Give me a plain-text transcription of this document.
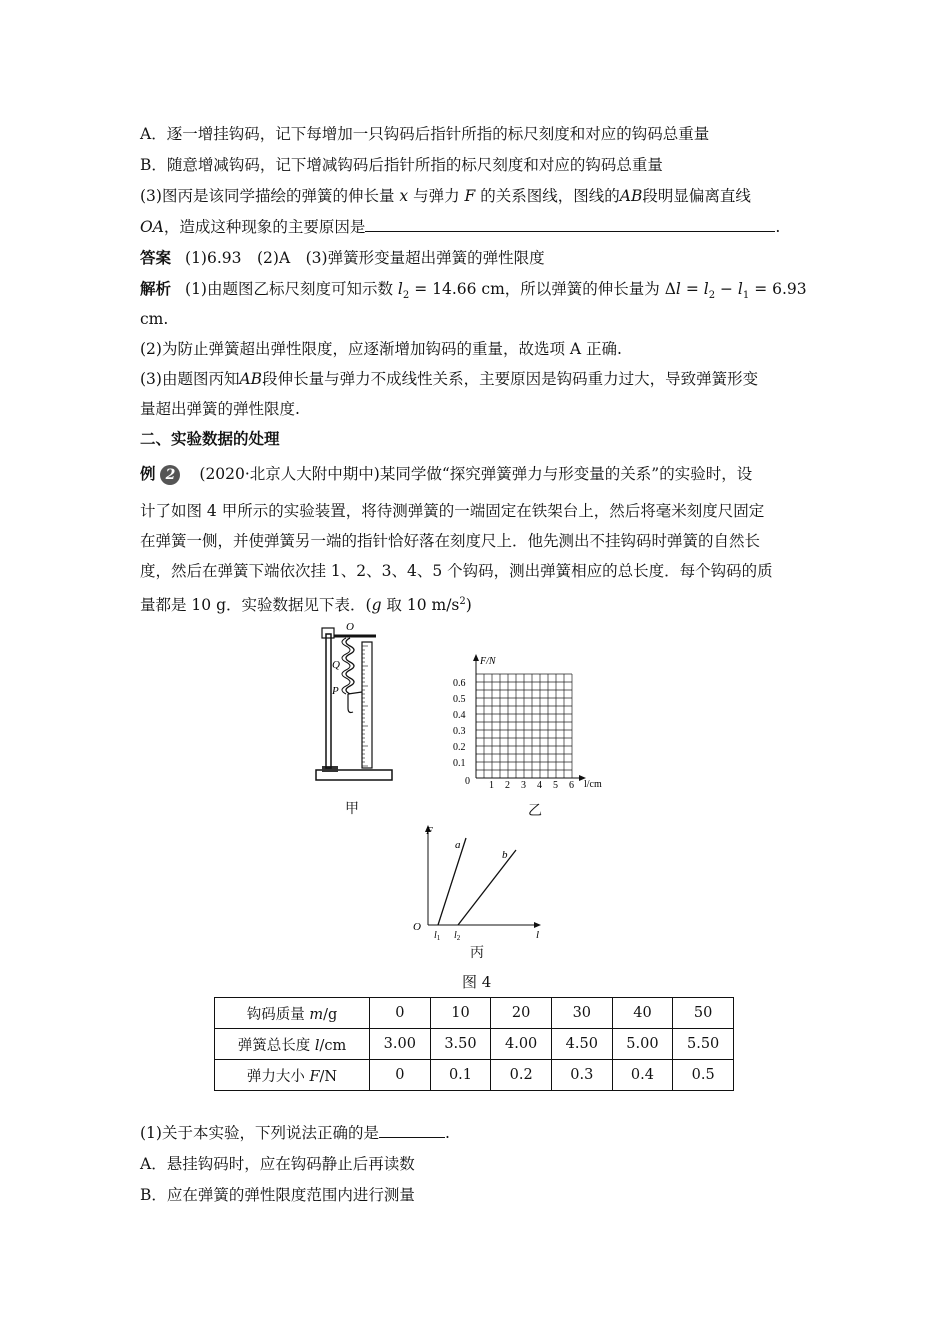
A．逐一增挂钩码，记下每增加一只钩码后指针所指的标尺刻度和对应的钩码总重量
B．随意增减钩码，记下增减钩码后指针所指的标尺刻度和对应的钩码总重量
(3)图丙是该同学描绘的弹簧的伸长量 x 与弹力 F 的关系图线，图线的AB段明显偏离直线
OA，造成这种现象的主要原因是	.
答案 (1)6.93　(2)A　(3)弹簧形变量超出弹簧的弹性限度
解析 (1)由题图乙标尺刻度可知示数 $l_2 = 14.66$ cm，所以弹簧的伸长量为 $\Delta l = l_2 - l_1 = 6.93$
cm.
(2)为防止弹簧超出弹性限度，应逐渐增加钩码的重量，故选项 A 正确.
(3)由题图丙知AB段伸长量与弹力不成线性关系，主要原因是钩码重力过大，导致弹簧形变
量超出弹簧的弹性限度.
二、实验数据的处理
例 2 (2020·北京人大附中期中)某同学做“探究弹簧弹力与形变量的关系”的实验时，设
计了如图 4 甲所示的实验装置，将待测弹簧的一端固定在铁架台上，然后将毫米刻度尺固定
在弹簧一侧，并使弹簧另一端的指针恰好落在刻度尺上．他先测出不挂钩码时弹簧的自然长
度，然后在弹簧下端依次挂 1、2、3、4、5 个钩码，测出弹簧相应的总长度．每个钩码的质
量都是 10 g．实验数据见下表．(g 取 10 $m/s^2$)
O
Q
P
甲
F/N
l/cm
0
0.1
0.2
0.3
0.4
0.5
0.6
1 2 3 4 5 6
乙
F
O
l
$l_1$ $l_2$
a
b
丙
图 4
钩码质量 m/g	0	10	20	30	40	50
弹簧总长度 l/cm	3.00	3.50	4.00	4.50	5.00	5.50
弹力大小 F/N	0	0.1	0.2	0.3	0.4	0.5
(1)关于本实验，下列说法正确的是	.
A．悬挂钩码时，应在钩码静止后再读数
B．应在弹簧的弹性限度范围内进行测量
